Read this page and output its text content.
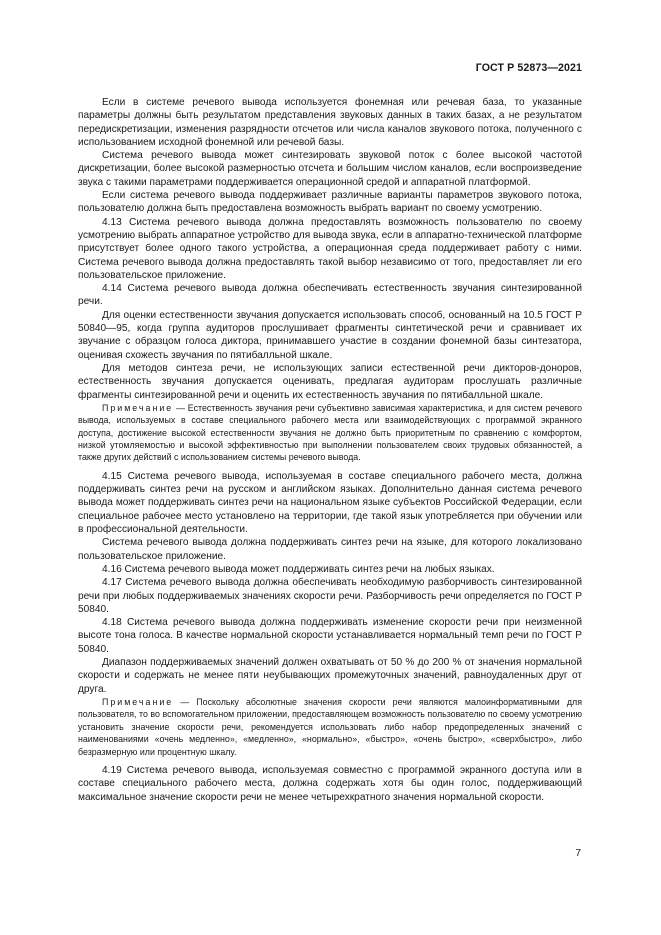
ГОСТ Р 52873—2021

Если в системе речевого вывода используется фонемная или речевая база, то указанные параметры должны быть результатом представления звуковых данных в таких базах, а не результатом передискретизации, изменения разрядности отсчетов или числа каналов звукового потока, полученного с использованием исходной фонемной или речевой базы.

Система речевого вывода может синтезировать звуковой поток с более высокой частотой дискретизации, более высокой размерностью отсчета и большим числом каналов, если воспроизведение звука с такими параметрами поддерживается операционной средой и аппаратной платформой.

Если система речевого вывода поддерживает различные варианты параметров звукового потока, пользователю должна быть предоставлена возможность выбрать вариант по своему усмотрению.

4.13 Система речевого вывода должна предоставлять возможность пользователю по своему усмотрению выбрать аппаратное устройство для вывода звука, если в аппаратно-технической платформе присутствует более одного такого устройства, а операционная среда поддерживает работу с ними. Система речевого вывода должна предоставлять такой выбор независимо от того, предоставляет ли его пользовательское приложение.

4.14 Система речевого вывода должна обеспечивать естественность звучания синтезированной речи.

Для оценки естественности звучания допускается использовать способ, основанный на 10.5 ГОСТ Р 50840—95, когда группа аудиторов прослушивает фрагменты синтетической речи и сравнивает их звучание с образцом голоса диктора, принимавшего участие в создании фонемной базы синтезатора, оценивая схожесть звучания по пятибалльной шкале.

Для методов синтеза речи, не использующих записи естественной речи дикторов-доноров, естественность звучания допускается оценивать, предлагая аудиторам прослушать различные фрагменты синтезированной речи и оценить их естественность звучания по пятибалльной шкале.

Примечание — Естественность звучания речи субъективно зависимая характеристика, и для систем речевого вывода, используемых в составе специального рабочего места или взаимодействующих с программой экранного доступа, достижение высокой естественности звучания не должно быть приоритетным по сравнению с комфортом, низкой утомляемостью и высокой эффективностью при выполнении пользователем своих трудовых обязанностей, а также других действий с использованием системы речевого вывода.

4.15 Система речевого вывода, используемая в составе специального рабочего места, должна поддерживать синтез речи на русском и английском языках. Дополнительно данная система речевого вывода может поддерживать синтез речи на национальном языке субъектов Российской Федерации, если специальное рабочее место установлено на территории, где такой язык употребляется при обучении или в профессиональной деятельности.

Система речевого вывода должна поддерживать синтез речи на языке, для которого локализовано пользовательское приложение.

4.16 Система речевого вывода может поддерживать синтез речи на любых языках.

4.17 Система речевого вывода должна обеспечивать необходимую разборчивость синтезированной речи при любых поддерживаемых значениях скорости речи. Разборчивость речи определяется по ГОСТ Р 50840.

4.18 Система речевого вывода должна поддерживать изменение скорости речи при неизменной высоте тона голоса. В качестве нормальной скорости устанавливается нормальный темп речи по ГОСТ Р 50840.

Диапазон поддерживаемых значений должен охватывать от 50 % до 200 % от значения нормальной скорости и содержать не менее пяти неубывающих промежуточных значений, равноудаленных друг от друга.

Примечание — Поскольку абсолютные значения скорости речи являются малоинформативными для пользователя, то во вспомогательном приложении, предоставляющем возможность пользователю по своему усмотрению установить значение скорости речи, рекомендуется использовать либо набор предопределенных значений с наименованиями «очень медленно», «медленно», «нормально», «быстро», «очень быстро», «сверхбыстро», либо безразмерную или процентную шкалу.

4.19 Система речевого вывода, используемая совместно с программой экранного доступа или в составе специального рабочего места, должна содержать хотя бы один голос, поддерживающий максимальное значение скорости речи не менее четырехкратного значения нормальной скорости.

7
